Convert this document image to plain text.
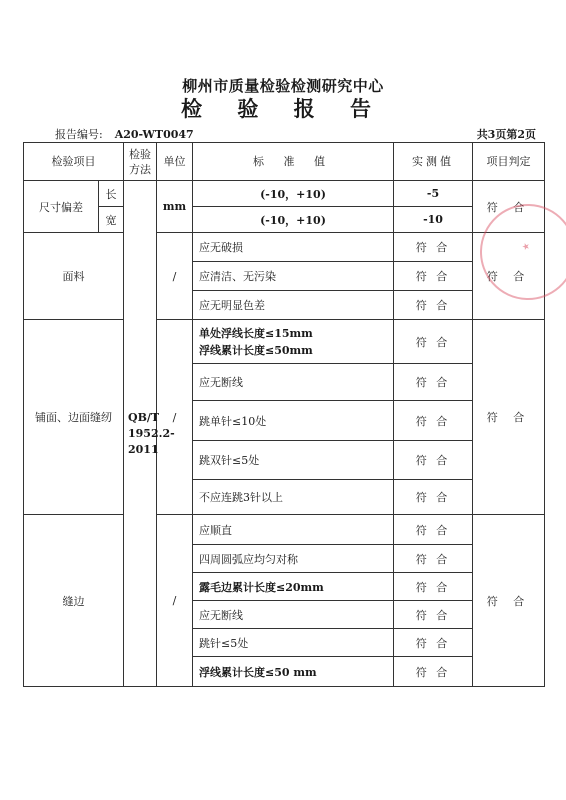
柳州市质量检验检测研究中心
检 验 报 告
报告编号: A20-WT0047	共3页第2页
检验项目		检验方法	单位	标 准 值	实测值	项目判定
尺寸偏差	长	QB/T 1952.2-2011	mm	(-10，+10)	-5	符 合
	宽			(-10，+10)	-10	
面料			/	应无破损	符 合	符 合
				应清洁、无污染	符 合	
				应无明显色差	符 合	
铺面、边面缝纫			/	单处浮线长度≤15mm
浮线累计长度≤50mm	符 合	符 合
				应无断线	符 合	
				跳单针≤10处	符 合	
				跳双针≤5处	符 合	
				不应连跳3针以上	符 合	
缝边			/	应顺直	符 合	符 合
				四周圆弧应均匀对称	符 合	
				露毛边累计长度≤20mm	符 合	
				应无断线	符 合	
				跳针≤5处	符 合	
				浮线累计长度≤50 mm	符 合	
★
